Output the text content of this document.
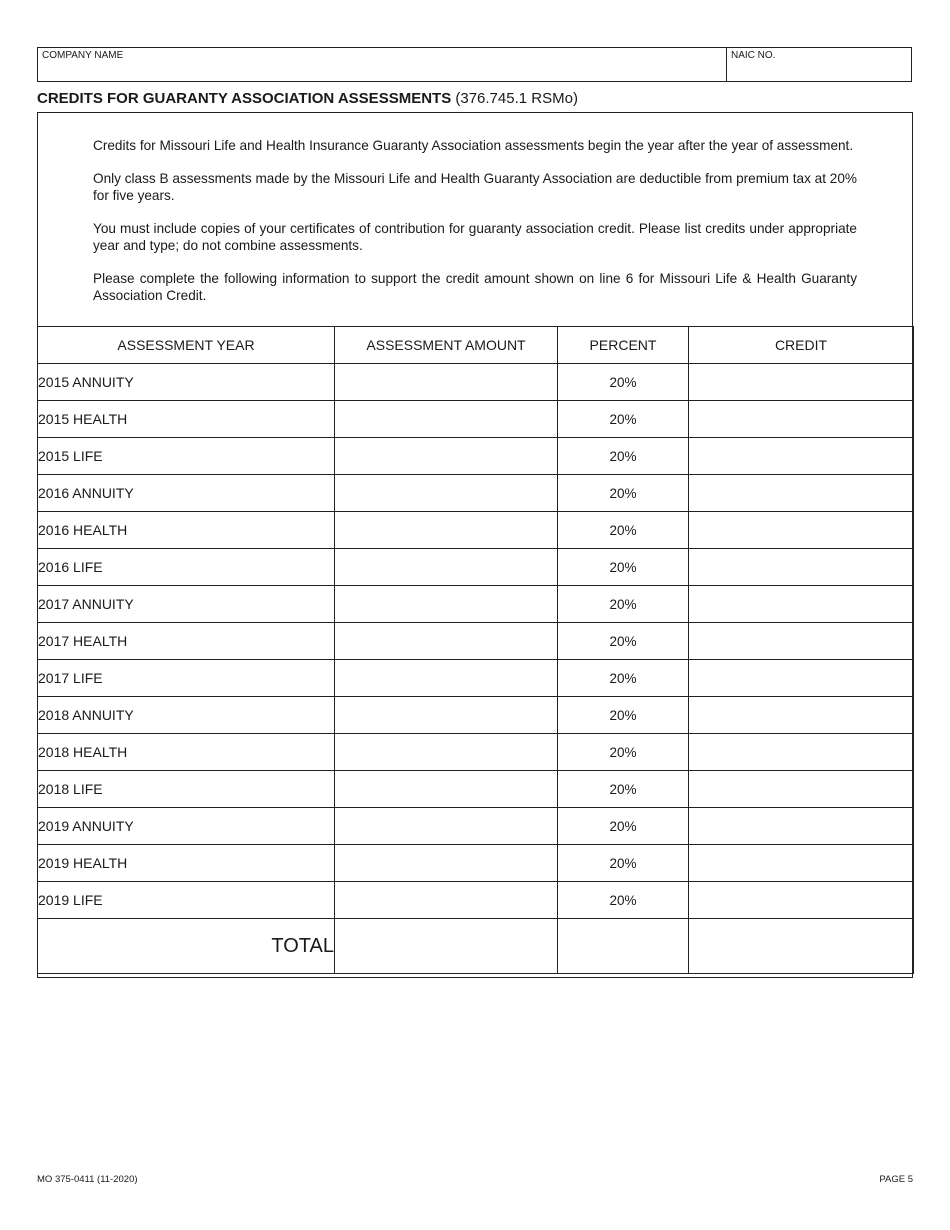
COMPANY NAME	NAIC NO.
CREDITS FOR GUARANTY ASSOCIATION ASSESSMENTS (376.745.1 RSMo)

Credits for Missouri Life and Health Insurance Guaranty Association assessments begin the year after the year of assessment.

Only class B assessments made by the Missouri Life and Health Guaranty Association are deductible from premium tax at 20% for five years.

You must include copies of your certificates of contribution for guaranty association credit. Please list credits under appropriate year and type; do not combine assessments.

Please complete the following information to support the credit amount shown on line 6 for Missouri Life & Health Guaranty Association Credit.

ASSESSMENT YEAR	ASSESSMENT AMOUNT	PERCENT	CREDIT
2015 ANNUITY		20%	
2015 HEALTH		20%	
2015 LIFE		20%	
2016 ANNUITY		20%	
2016 HEALTH		20%	
2016 LIFE		20%	
2017 ANNUITY		20%	
2017 HEALTH		20%	
2017 LIFE		20%	
2018 ANNUITY		20%	
2018 HEALTH		20%	
2018 LIFE		20%	
2019 ANNUITY		20%	
2019 HEALTH		20%	
2019 LIFE		20%	
TOTAL			
MO 375-0411 (11-2020)	PAGE 5
